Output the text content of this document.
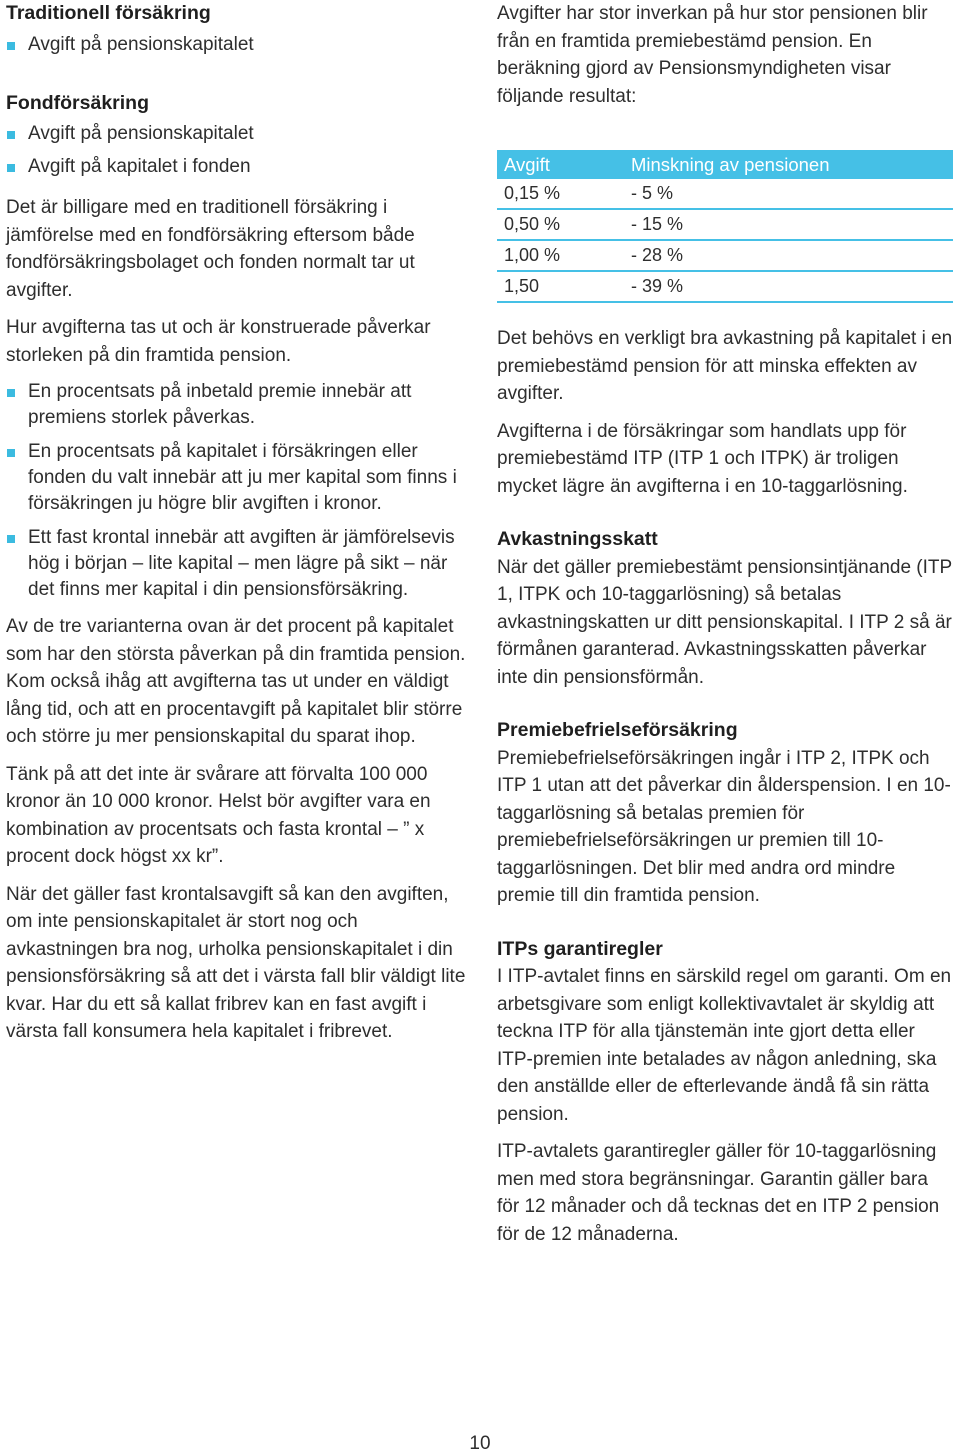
Traditionell försäkring
Avgift på pensionskapitalet
Fondförsäkring
Avgift på pensionskapitalet
Avgift på kapitalet i fonden

Det är billigare med en traditionell försäkring i jämförelse med en fondförsäkring eftersom både fondförsäkringsbolaget och fonden normalt tar ut avgifter.

Hur avgifterna tas ut och är konstruerade påverkar storleken på din framtida pension.

En procentsats på inbetald premie innebär att premiens storlek påverkas.
En procentsats på kapitalet i försäkringen eller fonden du valt innebär att ju mer kapital som finns i försäkringen ju högre blir avgiften i kronor.
Ett fast krontal innebär att avgiften är jämförelsevis hög i början – lite kapital – men lägre på sikt – när det finns mer kapital i din pensionsförsäkring.

Av de tre varianterna ovan är det procent på kapitalet som har den största påverkan på din framtida pension. Kom också ihåg att avgifterna tas ut under en väldigt lång tid, och att en procentavgift på kapitalet blir större och större ju mer pensionskapital du sparat ihop.

Tänk på att det inte är svårare att förvalta 100 000 kronor än 10 000 kronor. Helst bör avgifter vara en kombination av procentsats och fasta krontal – ” x procent dock högst xx kr”.

När det gäller fast krontalsavgift så kan den avgiften, om inte pensionskapitalet är stort nog och avkastningen bra nog, urholka pensionskapitalet i din pensionsförsäkring så att det i värsta fall blir väldigt lite kvar. Har du ett så kallat fribrev kan en fast avgift i värsta fall konsumera hela kapitalet i fribrevet.

Avgifter har stor inverkan på hur stor pensionen blir från en framtida premiebestämd pension. En beräkning gjord av Pensionsmyndigheten visar följande resultat:

Avgift	Minskning av pensionen
0,15 %	- 5 %
0,50 %	- 15 %
1,00 %	- 28 %
1,50	- 39 %

Det behövs en verkligt bra avkastning på kapitalet i en premiebestämd pension för att minska effekten av avgifter.

Avgifterna i de försäkringar som handlats upp för premiebestämd ITP (ITP 1 och ITPK) är troligen mycket lägre än avgifterna i en 10-taggarlösning.

Avkastningsskatt

När det gäller premiebestämt pensionsintjänande (ITP 1, ITPK och 10-taggarlösning) så betalas avkastningskatten ur ditt pensionskapital. I ITP 2 så är förmånen garanterad. Avkastningsskatten påverkar inte din pensionsförmån.

Premiebefrielseförsäkring

Premiebefrielseförsäkringen ingår i ITP 2, ITPK och ITP 1 utan att det påverkar din ålderspension. I en 10-taggarlösning så betalas premien för premiebefrielseförsäkringen ur premien till 10-taggarlösningen. Det blir med andra ord mindre premie till din framtida pension.

ITPs garantiregler

I ITP-avtalet finns en särskild regel om garanti. Om en arbetsgivare som enligt kollektivavtalet är skyldig att teckna ITP för alla tjänstemän inte gjort detta eller ITP-premien inte betalades av någon anledning, ska den anställde eller de efterlevande ändå få sin rätta pension.

ITP-avtalets garantiregler gäller för 10-taggarlösning men med stora begränsningar. Garantin gäller bara för 12 månader och då tecknas det en ITP 2 pension för de 12 månaderna.

10
